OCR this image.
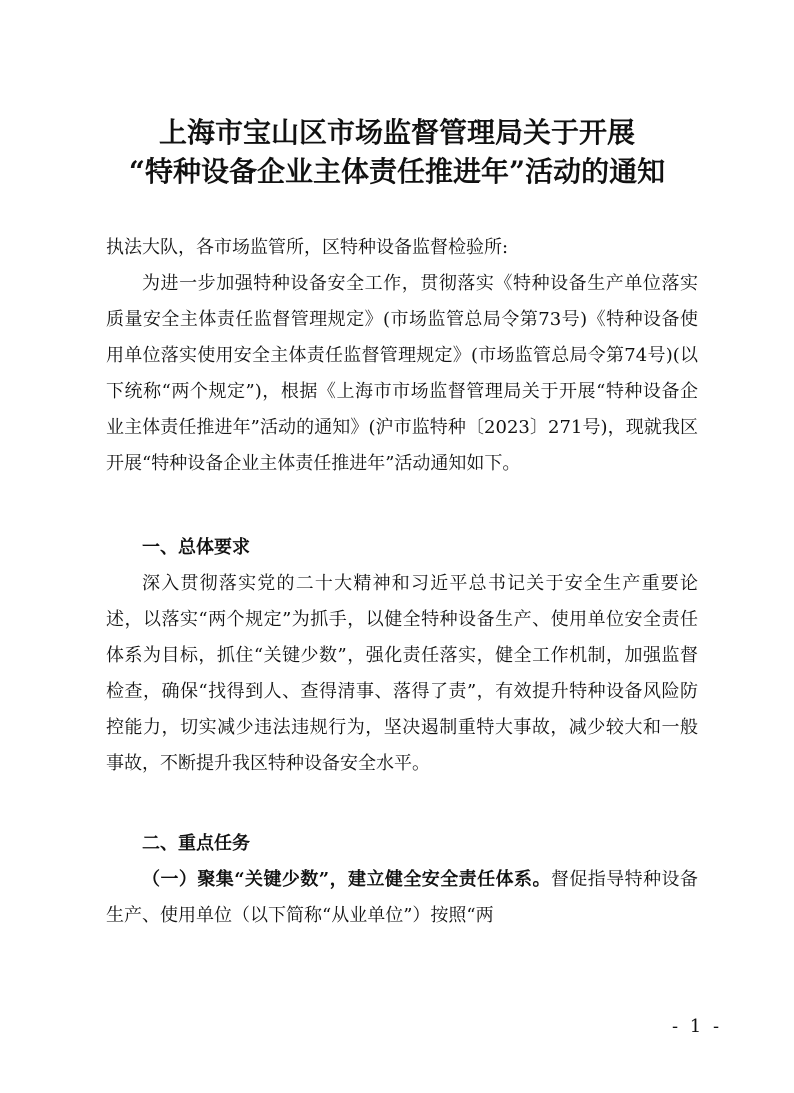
上海市宝山区市场监督管理局关于开展
“特种设备企业主体责任推进年”活动的通知

执法大队，各市场监管所，区特种设备监督检验所:

为进一步加强特种设备安全工作，贯彻落实《特种设备生产单位落实质量安全主体责任监督管理规定》(市场监管总局令第73号)《特种设备使用单位落实使用安全主体责任监督管理规定》(市场监管总局令第74号)(以下统称“两个规定”)，根据《上海市市场监督管理局关于开展“特种设备企业主体责任推进年”活动的通知》(沪市监特种〔2023〕271号)，现就我区开展“特种设备企业主体责任推进年”活动通知如下。

一、总体要求

深入贯彻落实党的二十大精神和习近平总书记关于安全生产重要论述，以落实“两个规定”为抓手，以健全特种设备生产、使用单位安全责任体系为目标，抓住“关键少数”，强化责任落实，健全工作机制，加强监督检查，确保“找得到人、查得清事、落得了责”，有效提升特种设备风险防控能力，切实减少违法违规行为，坚决遏制重特大事故，减少较大和一般事故，不断提升我区特种设备安全水平。

二、重点任务

（一）聚集“关键少数”，建立健全安全责任体系。督促指导特种设备生产、使用单位（以下简称“从业单位”）按照“两

- 1 -
